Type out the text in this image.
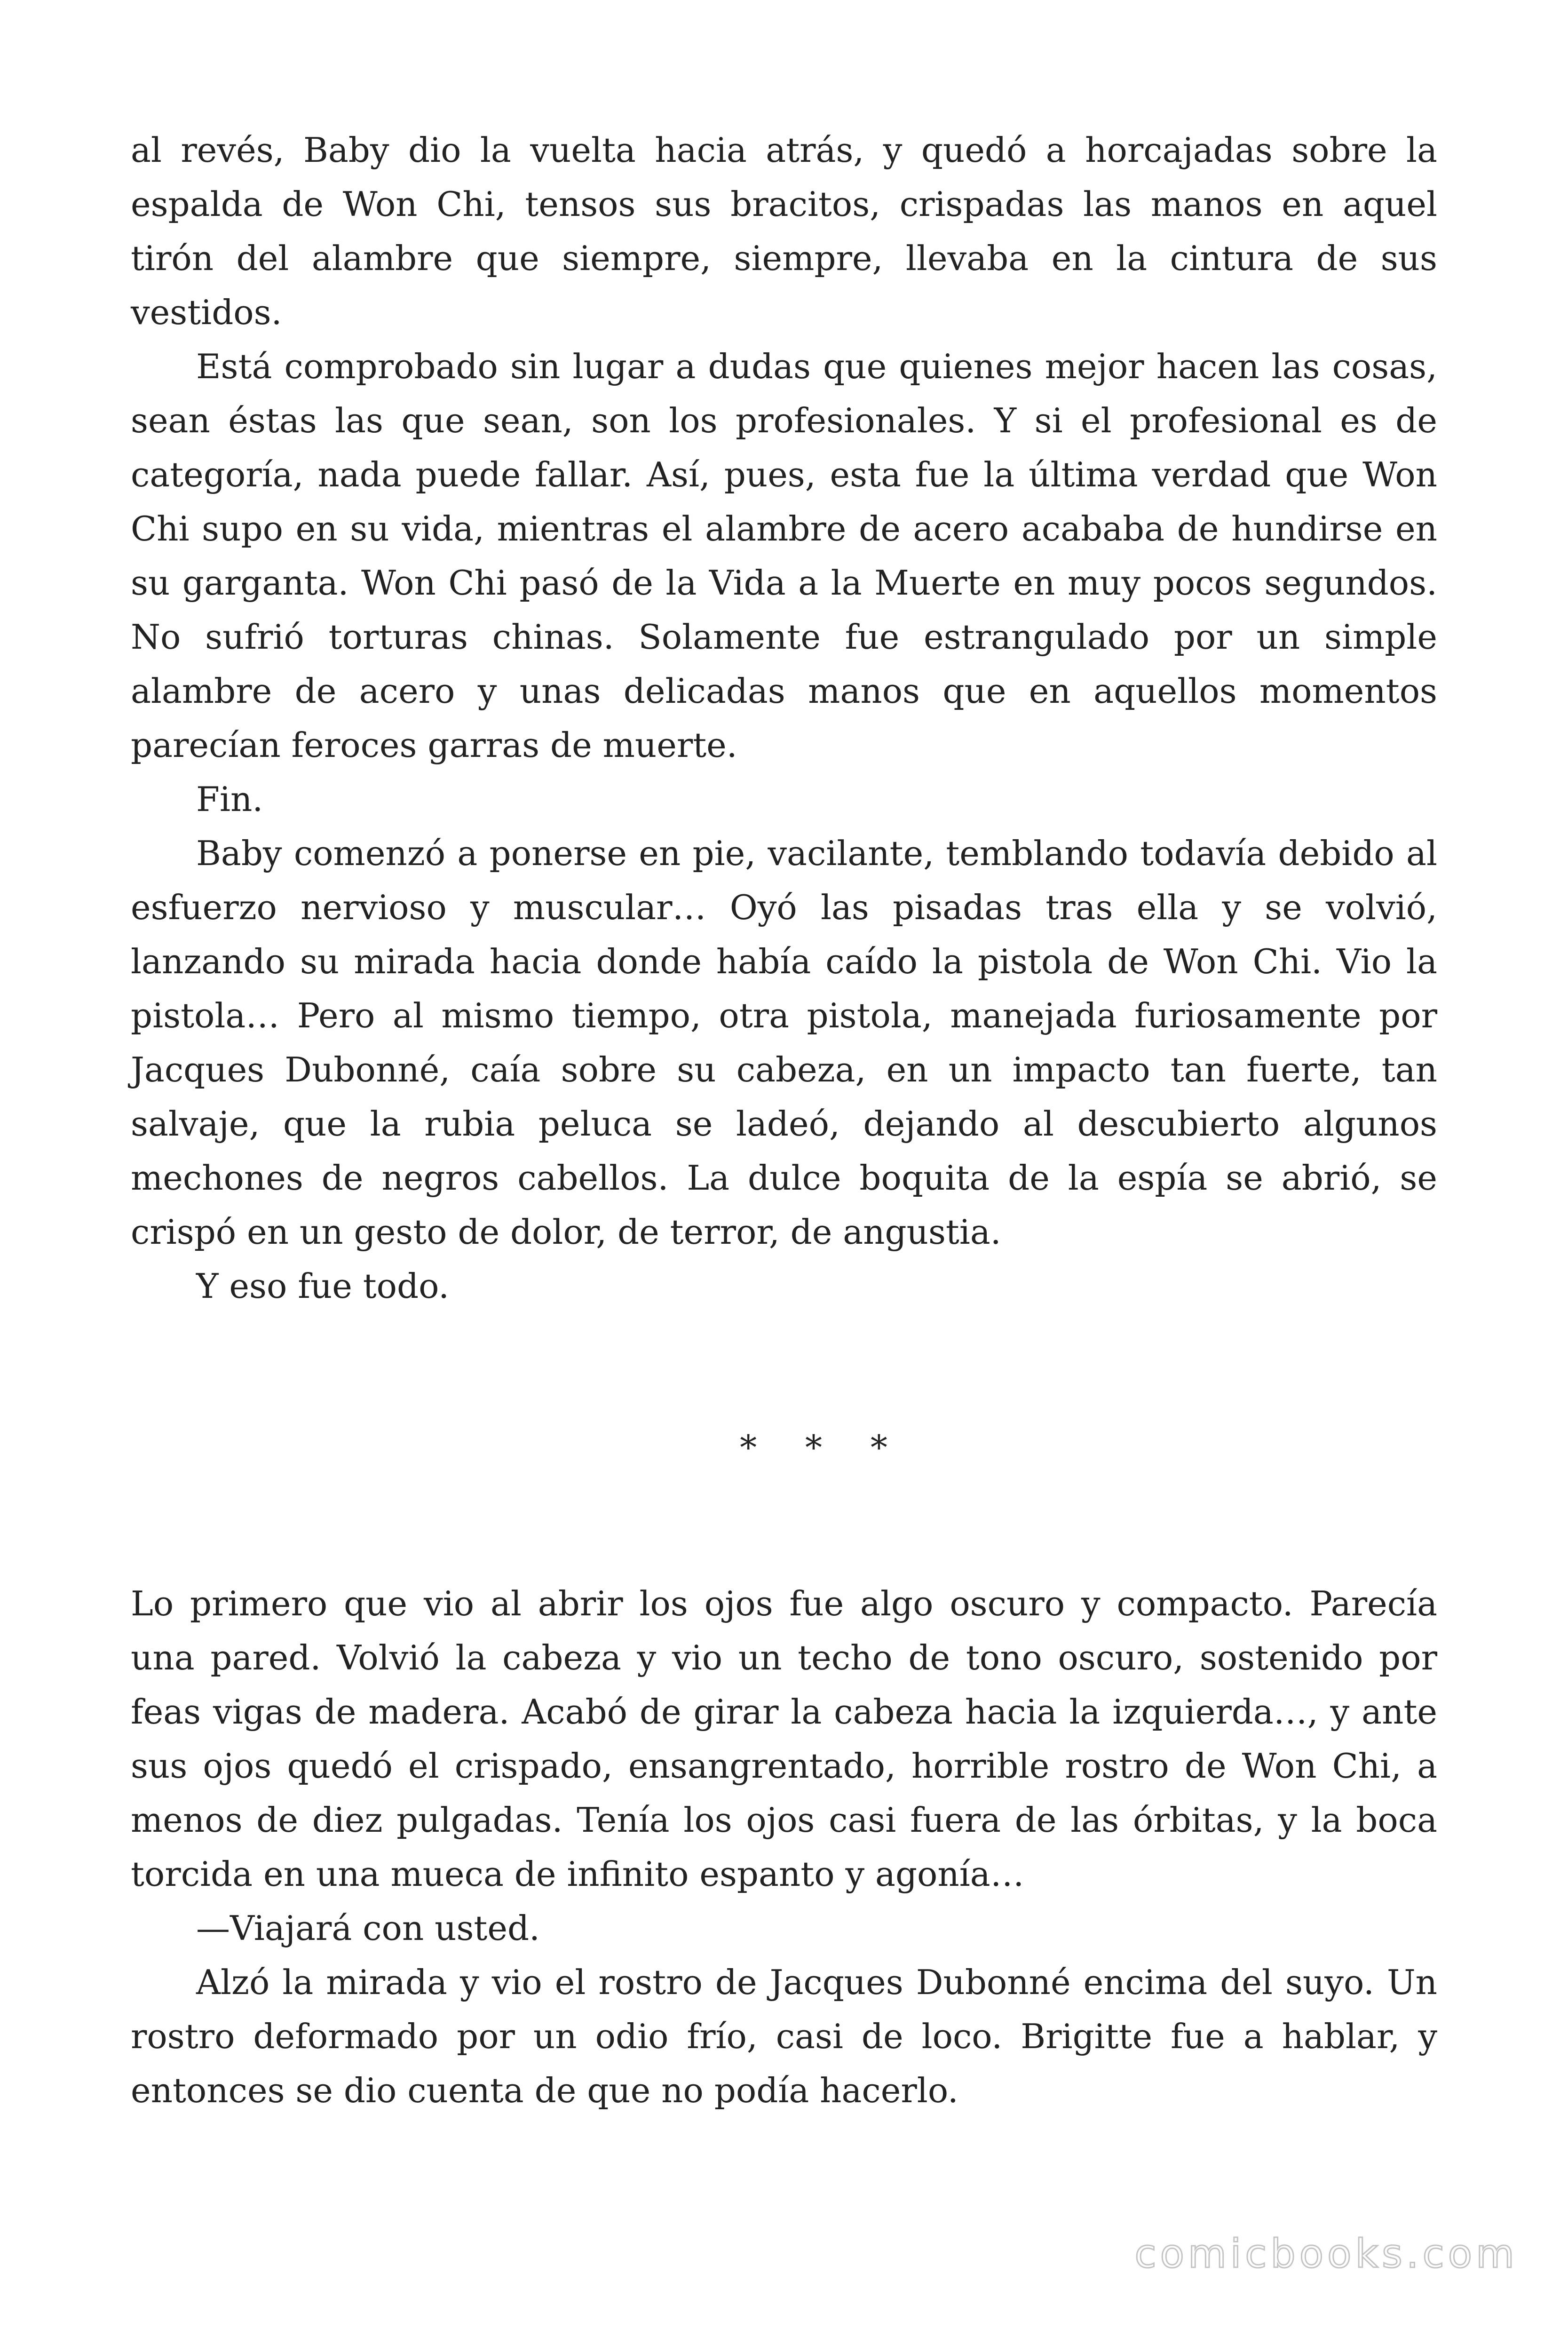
al revés, Baby dio la vuelta hacia atrás, y quedó a horcajadas sobre la espalda de Won Chi, tensos sus bracitos, crispadas las manos en aquel tirón del alambre que siempre, siempre, llevaba en la cintura de sus vestidos.

Está comprobado sin lugar a dudas que quienes mejor hacen las cosas, sean éstas las que sean, son los profesionales. Y si el profesional es de categoría, nada puede fallar. Así, pues, esta fue la última verdad que Won Chi supo en su vida, mientras el alambre de acero acababa de hundirse en su garganta. Won Chi pasó de la Vida a la Muerte en muy pocos segundos. No sufrió torturas chinas. Solamente fue estrangulado por un simple alambre de acero y unas delicadas manos que en aquellos momentos parecían feroces garras de muerte.

Fin.

Baby comenzó a ponerse en pie, vacilante, temblando todavía debido al esfuerzo nervioso y muscular… Oyó las pisadas tras ella y se volvió, lanzando su mirada hacia donde había caído la pistola de Won Chi. Vio la pistola… Pero al mismo tiempo, otra pistola, manejada furiosamente por Jacques Dubonné, caía sobre su cabeza, en un impacto tan fuerte, tan salvaje, que la rubia peluca se ladeó, dejando al descubierto algunos mechones de negros cabellos. La dulce boquita de la espía se abrió, se crispó en un gesto de dolor, de terror, de angustia.

Y eso fue todo.

* * *

Lo primero que vio al abrir los ojos fue algo oscuro y compacto. Parecía una pared. Volvió la cabeza y vio un techo de tono oscuro, sostenido por feas vigas de madera. Acabó de girar la cabeza hacia la izquierda…, y ante sus ojos quedó el crispado, ensangrentado, horrible rostro de Won Chi, a menos de diez pulgadas. Tenía los ojos casi fuera de las órbitas, y la boca torcida en una mueca de infinito espanto y agonía…

—Viajará con usted.

Alzó la mirada y vio el rostro de Jacques Dubonné encima del suyo. Un rostro deformado por un odio frío, casi de loco. Brigitte fue a hablar, y entonces se dio cuenta de que no podía hacerlo.

comicbooks.com
